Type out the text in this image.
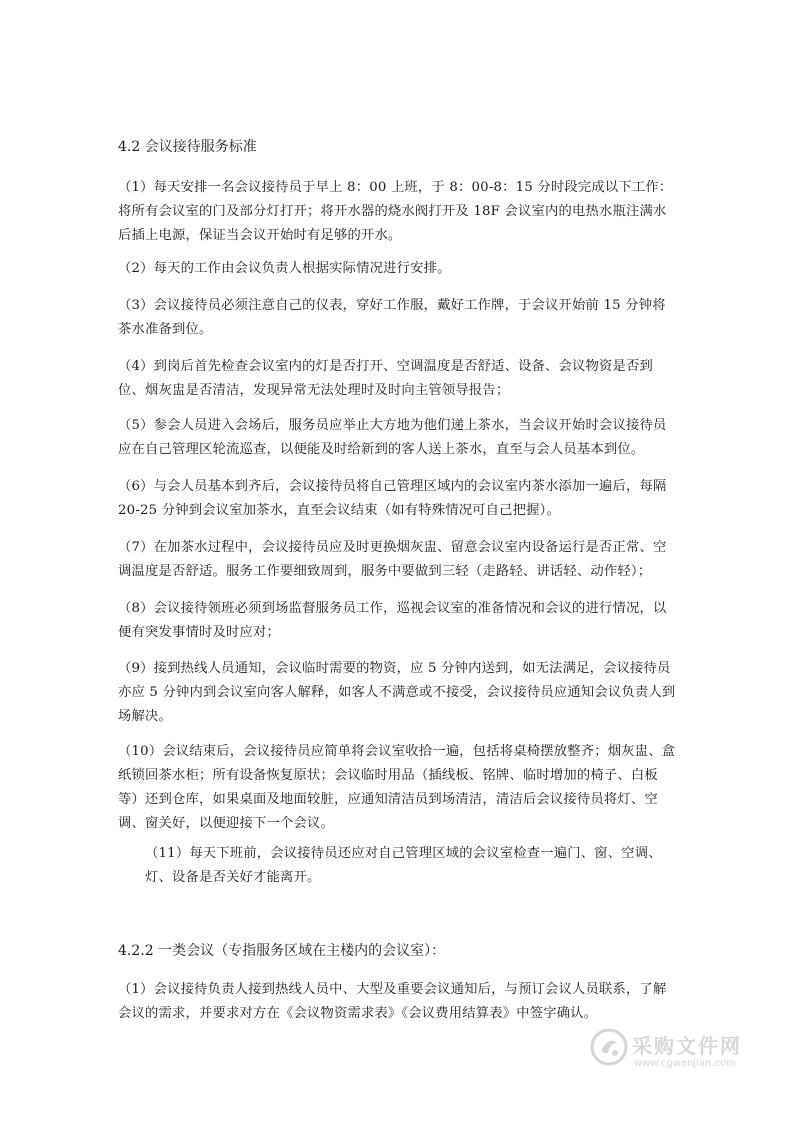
4.2 会议接待服务标准

（1）每天安排一名会议接待员于早上 8：00 上班，于 8：00-8：15 分时段完成以下工作：将所有会议室的门及部分灯打开；将开水器的烧水阀打开及 18F 会议室内的电热水瓶注满水后插上电源，保证当会议开始时有足够的开水。

（2）每天的工作由会议负责人根据实际情况进行安排。

（3）会议接待员必须注意自己的仪表，穿好工作服，戴好工作牌，于会议开始前 15 分钟将茶水准备到位。

（4）到岗后首先检查会议室内的灯是否打开、空调温度是否舒适、设备、会议物资是否到位、烟灰盅是否清洁，发现异常无法处理时及时向主管领导报告；

（5）参会人员进入会场后，服务员应举止大方地为他们递上茶水，当会议开始时会议接待员应在自己管理区轮流巡查，以便能及时给新到的客人送上茶水，直至与会人员基本到位。

（6）与会人员基本到齐后，会议接待员将自己管理区域内的会议室内茶水添加一遍后，每隔 20-25 分钟到会议室加茶水，直至会议结束（如有特殊情况可自己把握）。

（7）在加茶水过程中，会议接待员应及时更换烟灰盅、留意会议室内设备运行是否正常、空调温度是否舒适。服务工作要细致周到，服务中要做到三轻（走路轻、讲话轻、动作轻）；

（8）会议接待领班必须到场监督服务员工作，巡视会议室的准备情况和会议的进行情况，以便有突发事情时及时应对；

（9）接到热线人员通知，会议临时需要的物资，应 5 分钟内送到，如无法满足，会议接待员亦应 5 分钟内到会议室向客人解释，如客人不满意或不接受，会议接待员应通知会议负责人到场解决。

（10）会议结束后，会议接待员应简单将会议室收拾一遍，包括将桌椅摆放整齐；烟灰盅、盒纸锁回茶水柜；所有设备恢复原状；会议临时用品（插线板、铭牌、临时增加的椅子、白板等）还到仓库，如果桌面及地面较脏，应通知清洁员到场清洁，清洁后会议接待员将灯、空调、窗关好，以便迎接下一个会议。

（11）每天下班前，会议接待员还应对自己管理区域的会议室检查一遍门、窗、空调、灯、设备是否关好才能离开。

4.2.2 一类会议（专指服务区域在主楼内的会议室）：

（1）会议接待负责人接到热线人员中、大型及重要会议通知后，与预订会议人员联系，了解会议的需求，并要求对方在《会议物资需求表》《会议费用结算表》中签字确认。

采购文件网
www.cgwenjian.com
